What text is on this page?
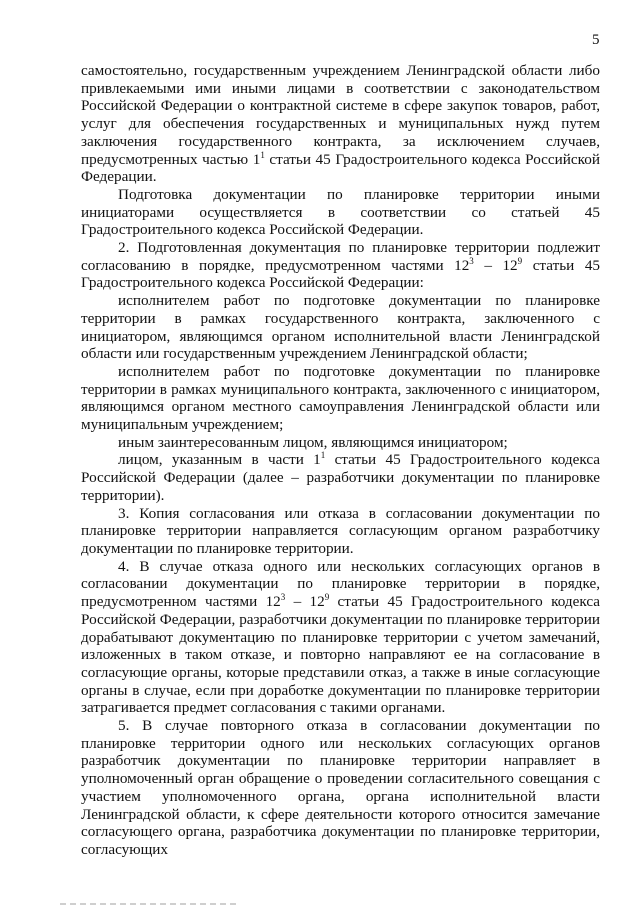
5

самостоятельно, государственным учреждением Ленинградской области либо привлекаемыми ими иными лицами в соответствии с законодательством Российской Федерации о контрактной системе в сфере закупок товаров, работ, услуг для обеспечения государственных и муниципальных нужд путем заключения государственного контракта, за исключением случаев, предусмотренных частью $1^1$ статьи 45 Градостроительного кодекса Российской Федерации.

Подготовка документации по планировке территории иными инициаторами осуществляется в соответствии со статьей 45 Градостроительного кодекса Российской Федерации.

2. Подготовленная документация по планировке территории подлежит согласованию в порядке, предусмотренном частями $12^3 - 12^9$ статьи 45 Градостроительного кодекса Российской Федерации:

исполнителем работ по подготовке документации по планировке территории в рамках государственного контракта, заключенного с инициатором, являющимся органом исполнительной власти Ленинградской области или государственным учреждением Ленинградской области;

исполнителем работ по подготовке документации по планировке территории в рамках муниципального контракта, заключенного с инициатором, являющимся органом местного самоуправления Ленинградской области или муниципальным учреждением;

иным заинтересованным лицом, являющимся инициатором;

лицом, указанным в части $1^1$ статьи 45 Градостроительного кодекса Российской Федерации (далее – разработчики документации по планировке территории).

3. Копия согласования или отказа в согласовании документации по планировке территории направляется согласующим органом разработчику документации по планировке территории.

4. В случае отказа одного или нескольких согласующих органов в согласовании документации по планировке территории в порядке, предусмотренном частями $12^3 - 12^9$ статьи 45 Градостроительного кодекса Российской Федерации, разработчики документации по планировке территории дорабатывают документацию по планировке территории с учетом замечаний, изложенных в таком отказе, и повторно направляют ее на согласование в согласующие органы, которые представили отказ, а также в иные согласующие органы в случае, если при доработке документации по планировке территории затрагивается предмет согласования с такими органами.

5. В случае повторного отказа в согласовании документации по планировке территории одного или нескольких согласующих органов разработчик документации по планировке территории направляет в уполномоченный орган обращение о проведении согласительного совещания с участием уполномоченного органа, органа исполнительной власти Ленинградской области, к сфере деятельности которого относится замечание согласующего органа, разработчика документации по планировке территории, согласующих
